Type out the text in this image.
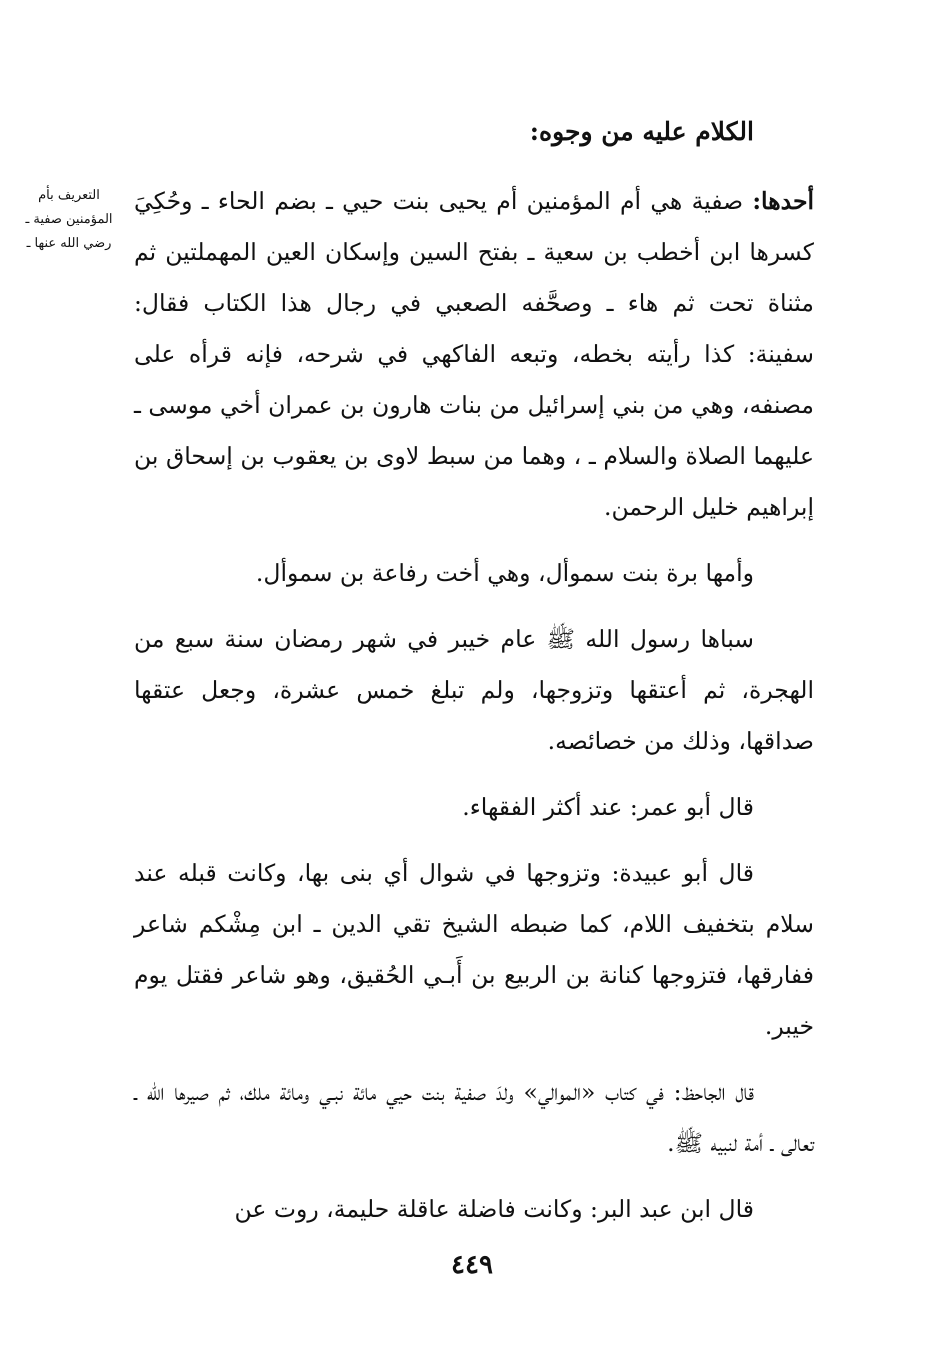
الكلام عليه من وجوه:
التعريف بأم المؤمنين صفية ـ رضي الله عنها ـ

أحدها: صفية هي أم المؤمنين أم يحيى بنت حيي ـ بضم الحاء ـ وحُكِيَ كسرها ابن أخطب بن سعية ـ بفتح السين وإسكان العين المهملتين ثم مثناة تحت ثم هاء ـ وصحَّفه الصعبي في رجال هذا الكتاب فقال: سفينة: كذا رأيته بخطه، وتبعه الفاكهي في شرحه، فإنه قرأه على مصنفه، وهي من بني إسرائيل من بنات هارون بن عمران أخي موسى ـ عليهما الصلاة والسلام ـ ، وهما من سبط لاوى بن يعقوب بن إسحاق بن إبراهيم خليل الرحمن.

وأمها برة بنت سموأل، وهي أخت رفاعة بن سموأل.

سباها رسول الله ﷺ عام خيبر في شهر رمضان سنة سبع من الهجرة، ثم أعتقها وتزوجها، ولم تبلغ خمس عشرة، وجعل عتقها صداقها، وذلك من خصائصه.

قال أبو عمر: عند أكثر الفقهاء.

قال أبو عبيدة: وتزوجها في شوال أي بنى بها، وكانت قبله عند سلام بتخفيف اللام، كما ضبطه الشيخ تقي الدين ـ ابن مِشْكم شاعر ففارقها، فتزوجها كنانة بن الربيع بن أَبـي الحُقيق، وهو شاعر فقتل يوم خيبر.

قال الجاحظ: في كتاب «الموالي» ولدَ صفية بنت حيي مائة نبـي ومائة ملك، ثم صيرها الله ـ تعالى ـ أمة لنبيه ﷺ.

قال ابن عبد البر: وكانت فاضلة عاقلة حليمة، روت عن

٤٤٩
